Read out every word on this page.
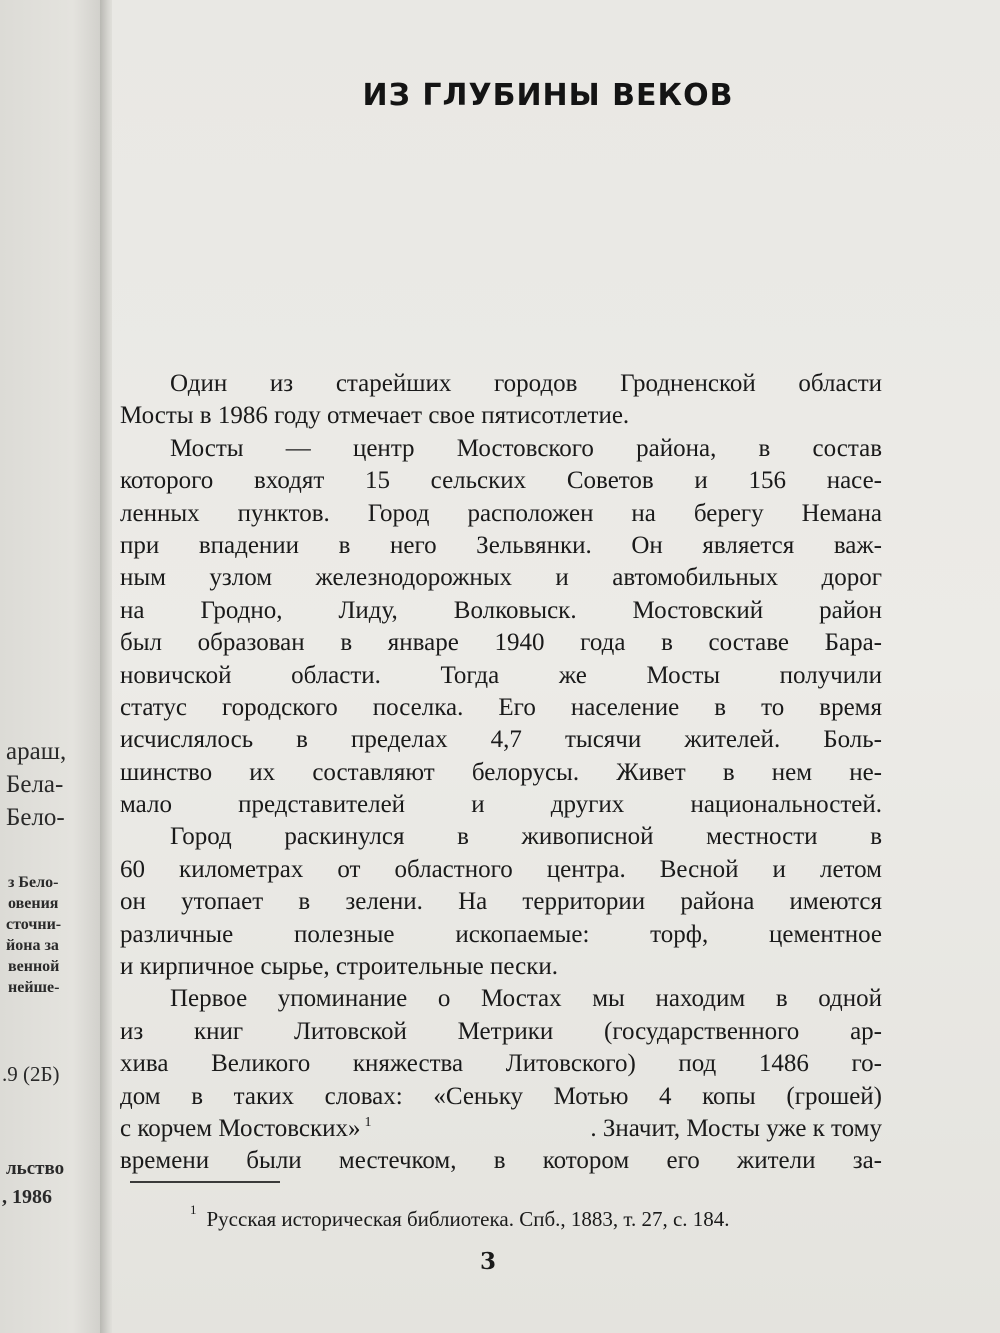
араш,
Бела-
Бело-
з Бело-
овения
сточни-
йона за
венной
нейше-
.9 (2Б)
льство
, 1986
ИЗ ГЛУБИНЫ ВЕКОВ
Один из старейших городов Гродненской области
Мосты в 1986 году отмечает свое пятисотлетие.
Мосты — центр Мостовского района, в состав
которого входят 15 сельских Советов и 156 насе-
ленных пунктов. Город расположен на берегу Немана
при впадении в него Зельвянки. Он является важ-
ным узлом железнодорожных и автомобильных дорог
на Гродно, Лиду, Волковыск. Мостовский район
был образован в январе 1940 года в составе Бара-
новичской области. Тогда же Мосты получили
статус городского поселка. Его население в то время
исчислялось в пределах 4,7 тысячи жителей. Боль-
шинство их составляют белорусы. Живет в нем не-
мало представителей и других национальностей.
Город раскинулся в живописной местности в
60 километрах от областного центра. Весной и летом
он утопает в зелени. На территории района имеются
различные полезные ископаемые: торф, цементное
и кирпичное сырье, строительные пески.
Первое упоминание о Мостах мы находим в одной
из книг Литовской Метрики (государственного ар-
хива Великого княжества Литовского) под 1486 го-
дом в таких словах: «Сеньку Мотью 4 копы (грошей)
с корчем Мостовских» $^1$	. Значит, Мосты уже к тому
времени были местечком, в котором его жители за-
$^1$ Русская историческая библиотека. Спб., 1883, т. 27, с. 184.
3
